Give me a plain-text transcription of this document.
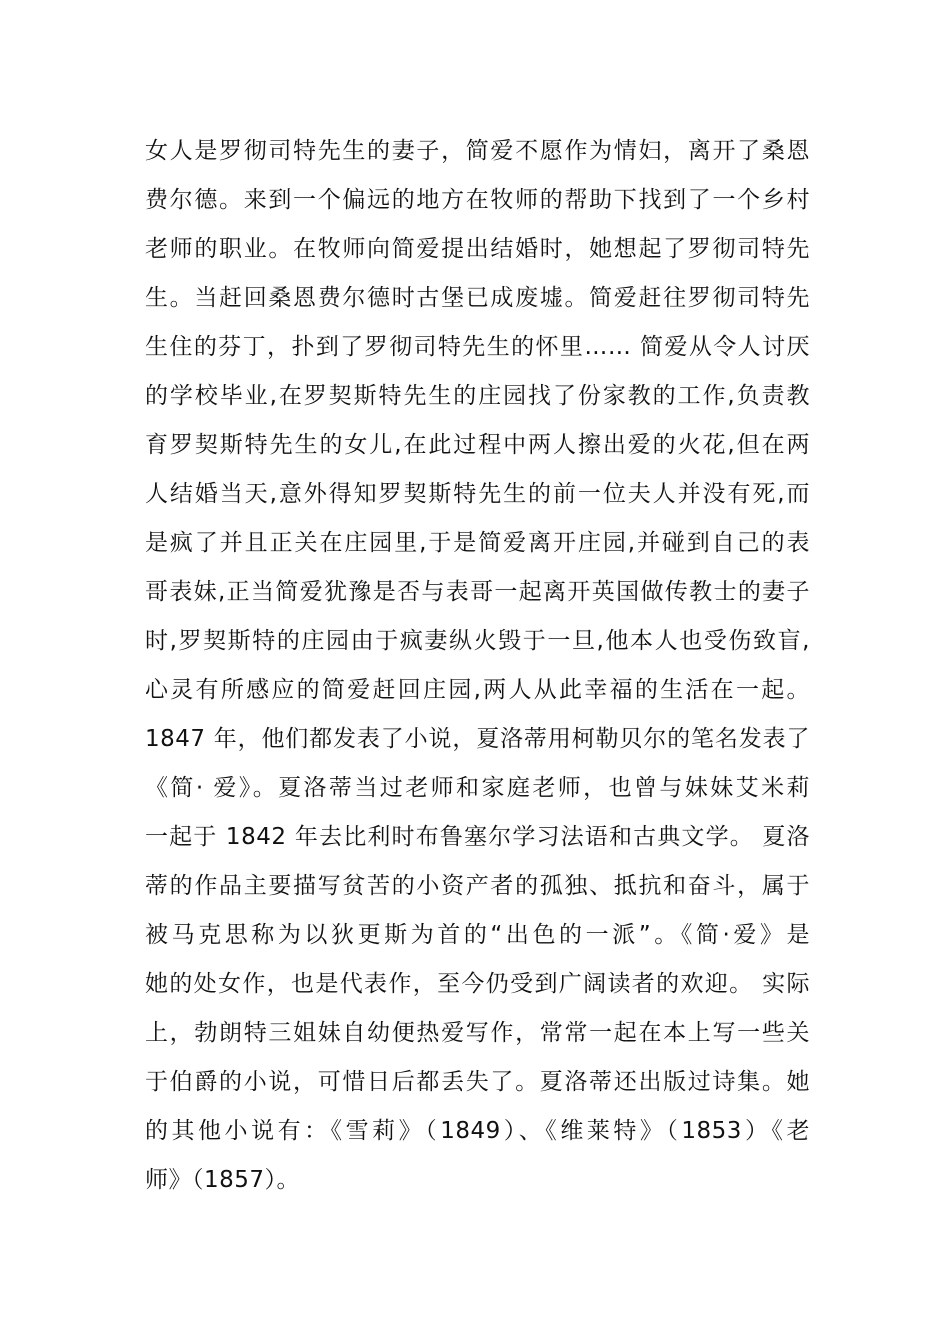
女人是罗彻司特先生的妻子，简爱不愿作为情妇，离开了桑恩
费尔德。来到一个偏远的地方在牧师的帮助下找到了一个乡村
老师的职业。在牧师向简爱提出结婚时，她想起了罗彻司特先
生。当赶回桑恩费尔德时古堡已成废墟。简爱赶往罗彻司特先
生住的芬丁，扑到了罗彻司特先生的怀里…… 简爱从令人讨厌
的学校毕业,在罗契斯特先生的庄园找了份家教的工作,负责教
育罗契斯特先生的女儿,在此过程中两人擦出爱的火花,但在两
人结婚当天,意外得知罗契斯特先生的前一位夫人并没有死,而
是疯了并且正关在庄园里,于是简爱离开庄园,并碰到自己的表
哥表妹,正当简爱犹豫是否与表哥一起离开英国做传教士的妻子
时,罗契斯特的庄园由于疯妻纵火毁于一旦,他本人也受伤致盲,
心灵有所感应的简爱赶回庄园,两人从此幸福的生活在一起。
1847 年，他们都发表了小说，夏洛蒂用柯勒贝尔的笔名发表了
《简· 爱》。夏洛蒂当过老师和家庭老师，也曾与妹妹艾米莉
一起于 1842 年去比利时布鲁塞尔学习法语和古典文学。 夏洛
蒂的作品主要描写贫苦的小资产者的孤独、抵抗和奋斗，属于
被马克思称为以狄更斯为首的“出色的一派”。《简·爱》是
她的处女作，也是代表作，至今仍受到广阔读者的欢迎。 实际
上，勃朗特三姐妹自幼便热爱写作，常常一起在本上写一些关
于伯爵的小说，可惜日后都丢失了。夏洛蒂还出版过诗集。她
的其他小说有：《雪莉》（1849）、《维莱特》（1853）《老
师》（1857）。
